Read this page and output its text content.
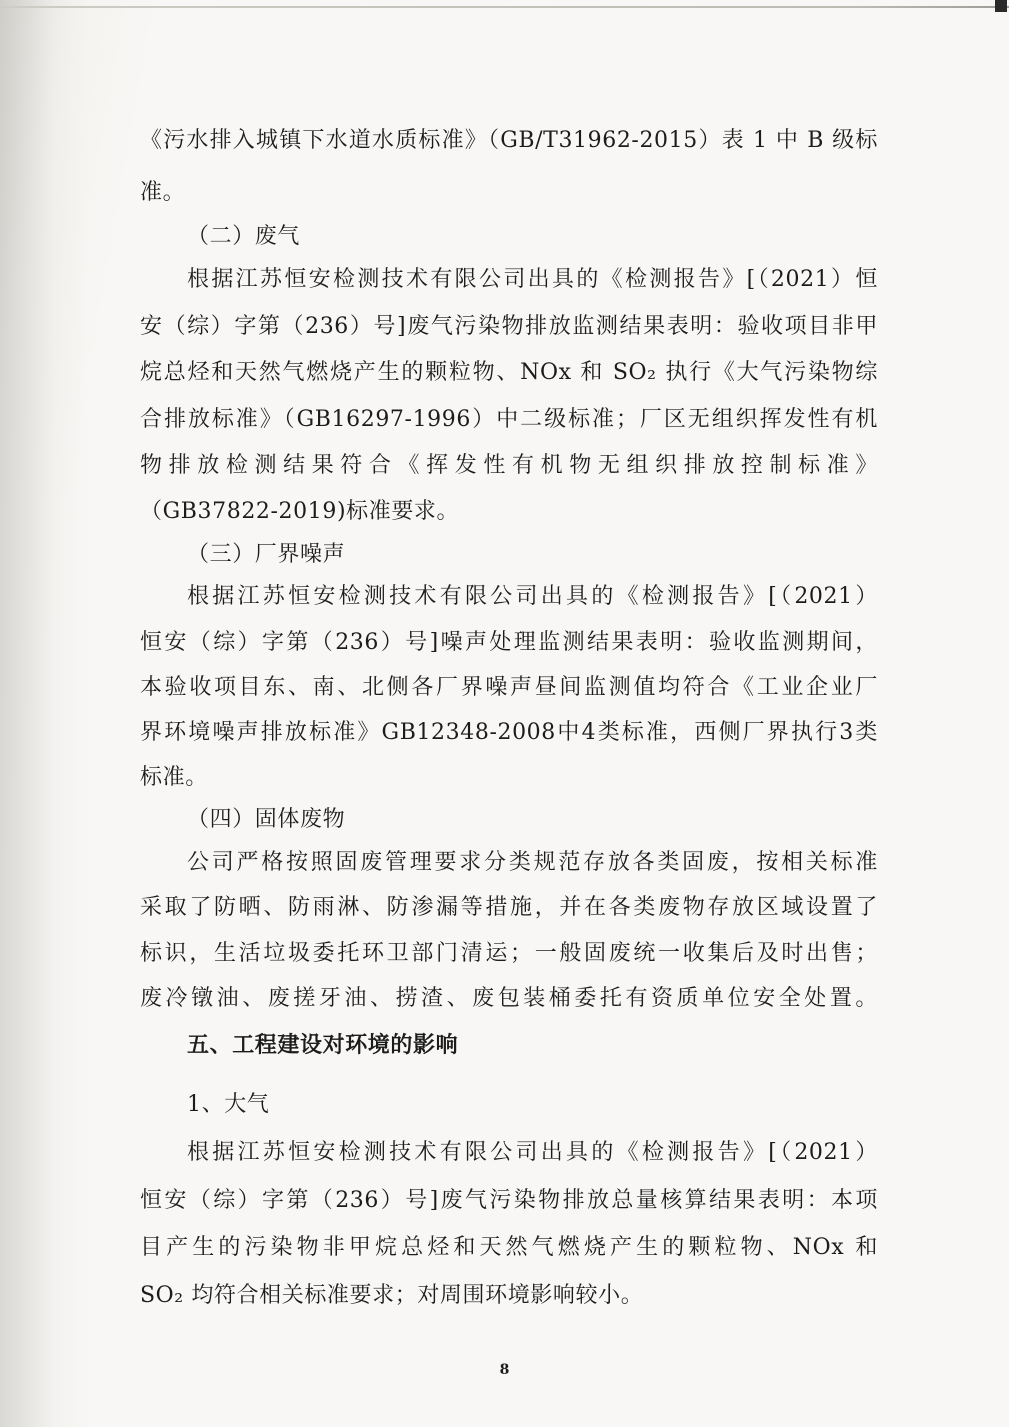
《污水排入城镇下水道水质标准》（GB/T31962-2015）表 1 中 B 级标
准。
（二）废气
根据江苏恒安检测技术有限公司出具的《检测报告》[（2021）恒
安（综）字第（236）号]废气污染物排放监测结果表明：验收项目非甲
烷总烃和天然气燃烧产生的颗粒物、NOx 和 SO₂ 执行《大气污染物综
合排放标准》（GB16297-1996）中二级标准；厂区无组织挥发性有机
物排放检测结果符合《挥发性有机物无组织排放控制标准》
（GB37822-2019)标准要求。
（三）厂界噪声
根据江苏恒安检测技术有限公司出具的《检测报告》[（2021）
恒安（综）字第（236）号]噪声处理监测结果表明：验收监测期间，
本验收项目东、南、北侧各厂界噪声昼间监测值均符合《工业企业厂
界环境噪声排放标准》GB12348-2008中4类标准，西侧厂界执行3类
标准。
（四）固体废物
公司严格按照固废管理要求分类规范存放各类固废，按相关标准
采取了防晒、防雨淋、防渗漏等措施，并在各类废物存放区域设置了
标识，生活垃圾委托环卫部门清运；一般固废统一收集后及时出售；
废冷镦油、废搓牙油、捞渣、废包装桶委托有资质单位安全处置。
五、工程建设对环境的影响
1、大气
根据江苏恒安检测技术有限公司出具的《检测报告》[（2021）
恒安（综）字第（236）号]废气污染物排放总量核算结果表明：本项
目产生的污染物非甲烷总烃和天然气燃烧产生的颗粒物、NOx 和
SO₂ 均符合相关标准要求；对周围环境影响较小。
8
